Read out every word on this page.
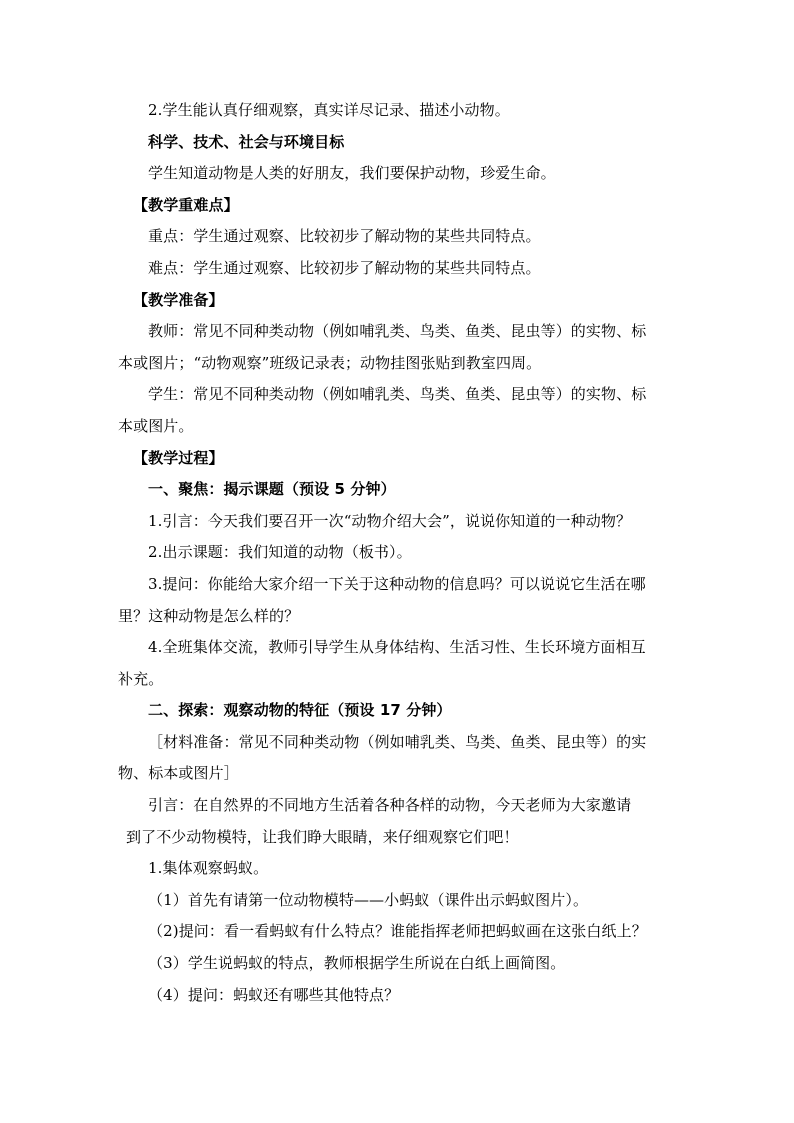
2.学生能认真仔细观察，真实详尽记录、描述小动物。
科学、技术、社会与环境目标
学生知道动物是人类的好朋友，我们要保护动物，珍爱生命。
【教学重难点】
重点：学生通过观察、比较初步了解动物的某些共同特点。
难点：学生通过观察、比较初步了解动物的某些共同特点。
【教学准备】
教师：常见不同种类动物（例如哺乳类、鸟类、鱼类、昆虫等）的实物、标
本或图片；“动物观察”班级记录表；动物挂图张贴到教室四周。
学生：常见不同种类动物（例如哺乳类、鸟类、鱼类、昆虫等）的实物、标
本或图片。
【教学过程】
一、聚焦：揭示课题（预设 5 分钟）
1.引言：今天我们要召开一次“动物介绍大会”，说说你知道的一种动物？
2.出示课题：我们知道的动物（板书）。
3.提问：你能给大家介绍一下关于这种动物的信息吗？可以说说它生活在哪
里？这种动物是怎么样的？
4.全班集体交流，教师引导学生从身体结构、生活习性、生长环境方面相互
补充。
二、探索：观察动物的特征（预设 17 分钟）
［材料准备：常见不同种类动物（例如哺乳类、鸟类、鱼类、昆虫等）的实
物、标本或图片］
引言：在自然界的不同地方生活着各种各样的动物，今天老师为大家邀请
到了不少动物模特，让我们睁大眼睛，来仔细观察它们吧！
1.集体观察蚂蚁。
（1）首先有请第一位动物模特——小蚂蚁（课件出示蚂蚁图片）。
（2)提问：看一看蚂蚁有什么特点？谁能指挥老师把蚂蚁画在这张白纸上？
（3）学生说蚂蚁的特点，教师根据学生所说在白纸上画简图。
（4）提问：蚂蚁还有哪些其他特点？
